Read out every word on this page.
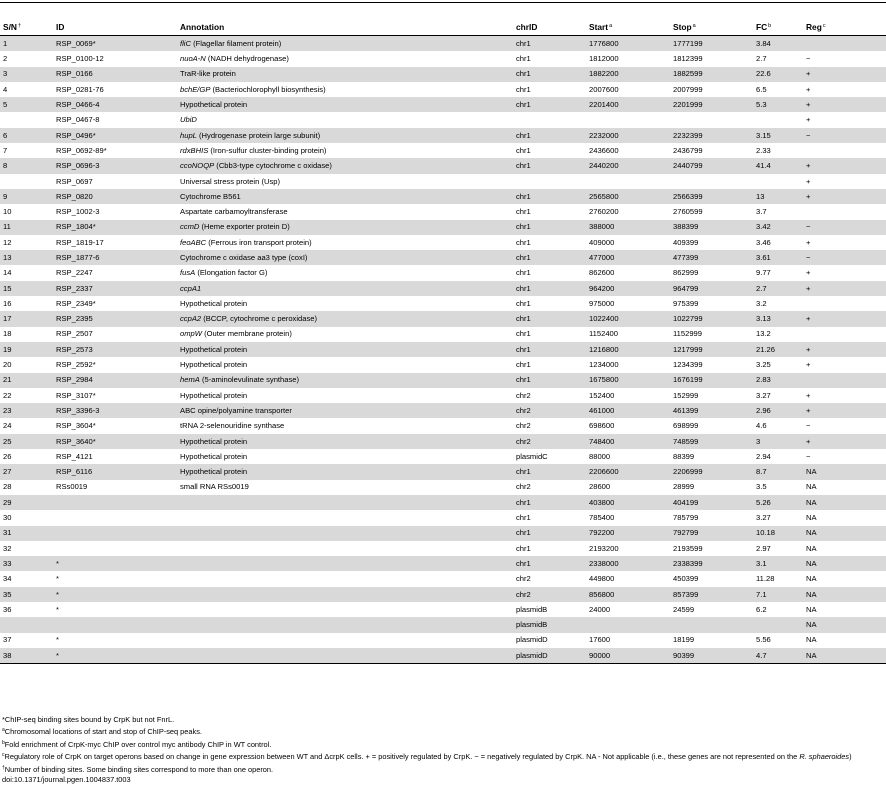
S/N†	ID	Annotation	chrID	Start$^a$	Stop$^a$	$FC^b$	Reg$^c$
1	RSP_0069*	fliC (Flagellar filament protein)	chr1	1776800	1777199	3.84	
2	RSP_0100-12	nuoA-N (NADH dehydrogenase)	chr1	1812000	1812399	2.7	−
3	RSP_0166	TraR-like protein	chr1	1882200	1882599	22.6	+
4	RSP_0281-76	bchE/GP (Bacteriochlorophyll biosynthesis)	chr1	2007600	2007999	6.5	+
5	RSP_0466-4	Hypothetical protein	chr1	2201400	2201999	5.3	+
	RSP_0467-8	UbiD					+
6	RSP_0496*	hupL (Hydrogenase protein large subunit)	chr1	2232000	2232399	3.15	−
7	RSP_0692-89*	rdxBHIS (Iron-sulfur cluster-binding protein)	chr1	2436600	2436799	2.33	
8	RSP_0696-3	ccoNOQP (Cbb3-type cytochrome c oxidase)	chr1	2440200	2440799	41.4	+
	RSP_0697	Universal stress protein (Usp)					+
9	RSP_0820	Cytochrome B561	chr1	2565800	2566399	13	+
10	RSP_1002-3	Aspartate carbamoyltransferase	chr1	2760200	2760599	3.7	
11	RSP_1804*	ccmD (Heme exporter protein D)	chr1	388000	388399	3.42	−
12	RSP_1819-17	feoABC (Ferrous iron transport protein)	chr1	409000	409399	3.46	+
13	RSP_1877-6	Cytochrome c oxidase aa3 type (coxI)	chr1	477000	477399	3.61	−
14	RSP_2247	fusA (Elongation factor G)	chr1	862600	862999	9.77	+
15	RSP_2337	ccpA1	chr1	964200	964799	2.7	+
16	RSP_2349*	Hypothetical protein	chr1	975000	975399	3.2	
17	RSP_2395	ccpA2 (BCCP, cytochrome c peroxidase)	chr1	1022400	1022799	3.13	+
18	RSP_2507	ompW (Outer membrane protein)	chr1	1152400	1152999	13.2	
19	RSP_2573	Hypothetical protein	chr1	1216800	1217999	21.26	+
20	RSP_2592*	Hypothetical protein	chr1	1234000	1234399	3.25	+
21	RSP_2984	hemA (5-aminolevulinate synthase)	chr1	1675800	1676199	2.83	
22	RSP_3107*	Hypothetical protein	chr2	152400	152999	3.27	+
23	RSP_3396-3	ABC opine/polyamine transporter	chr2	461000	461399	2.96	+
24	RSP_3604*	tRNA 2-selenouridine synthase	chr2	698600	698999	4.6	−
25	RSP_3640*	Hypothetical protein	chr2	748400	748599	3	+
26	RSP_4121	Hypothetical protein	plasmidC	88000	88399	2.94	−
27	RSP_6116	Hypothetical protein	chr1	2206600	2206999	8.7	NA
28	RSs0019	small RNA RSs0019	chr2	28600	28999	3.5	NA
29			chr1	403800	404199	5.26	NA
30			chr1	785400	785799	3.27	NA
31			chr1	792200	792799	10.18	NA
32			chr1	2193200	2193599	2.97	NA
33	*		chr1	2338000	2338399	3.1	NA
34	*		chr2	449800	450399	11.28	NA
35	*		chr2	856800	857399	7.1	NA
36	*		plasmidB	24000	24599	6.2	NA
			plasmidB				NA
37	*		plasmidD	17600	18199	5.56	NA
38	*		plasmidD	90000	90399	4.7	NA
*ChIP-seq binding sites bound by CrpK but not FnrL.
$^a$Chromosomal locations of start and stop of ChIP-seq peaks.
$^b$Fold enrichment of CrpK-myc ChIP over control myc antibody ChIP in WT control.
$^c$Regulatory role of CrpK on target operons based on change in gene expression between WT and ΔcrpK cells. + = positively regulated by CrpK. − = negatively regulated by CrpK. NA - Not applicable (i.e., these genes are not represented on the R. sphaeroides)
†Number of binding sites. Some binding sites correspond to more than one operon.
doi:10.1371/journal.pgen.1004837.t003
